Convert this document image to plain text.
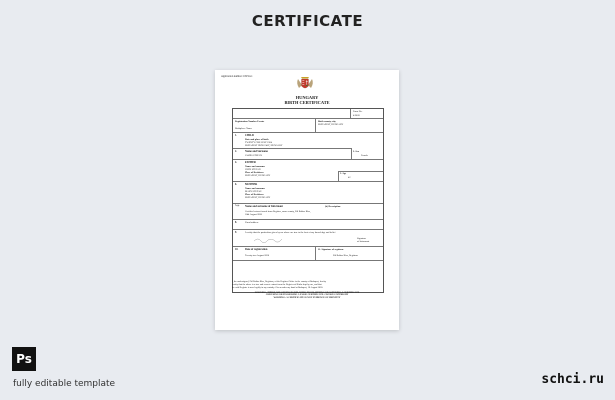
CERTIFICATE
Application number: 1823/4-1
HUNGARY
BIRTH CERTIFICATE
Form No.
4/2020
Registration Number Events
Birthplace: Name
Birth county, city
BUDAPEST, HUNGARY
1.	CHILD
Date and place of birth
TWENTY ONE JULY 1964
BUDAPEST HUNGARY, HUNGARY
2.	Name and Surname
JAMES STEFAN
3. Sex
Female
4.	FATHER
Name and surname
JOHN STEFAN
Place of Residence
BUDAPEST, HUNGARY
5. Age
42
6.	MOTHER
Name and surname
MARY STEFAN
Place of Residence
BUDAPEST, HUNGARY
7.(a) Name and surname of Informant	(b) Description
Certified extract issued from Register, same county, Pál Balázs Kiss,
18th August 2020
8.	Usual address
9.	I certify that the particulars given by me above are true to the best of my knowledge and belief
Signature
of Informant
10.	Date of registration
Twenty two August 2020
11. Signature of registrar
Pál Balázs Kiss, Registrar
I, the undersigned, Pál Balázs Kiss, Registrar, of the Register Office in the county of Budapest, hereby
certify that the above is a true and correct extract from the Register of Births kept by me, and that
the said Register is now legally in my custody. Given under my hand at Budapest, 18 August 2020.
WARNING: THERE ARE OFFENCES RELATING TO FALSIFYING OR ALTERING A CERTIFICATE
AND USING OR POSSESSING A FALSE CERTIFICATE. CROWN COPYRIGHT
WARNING: A CERTIFICATE IS NOT EVIDENCE OF IDENTITY
Ps
fully editable template	schci.ru
